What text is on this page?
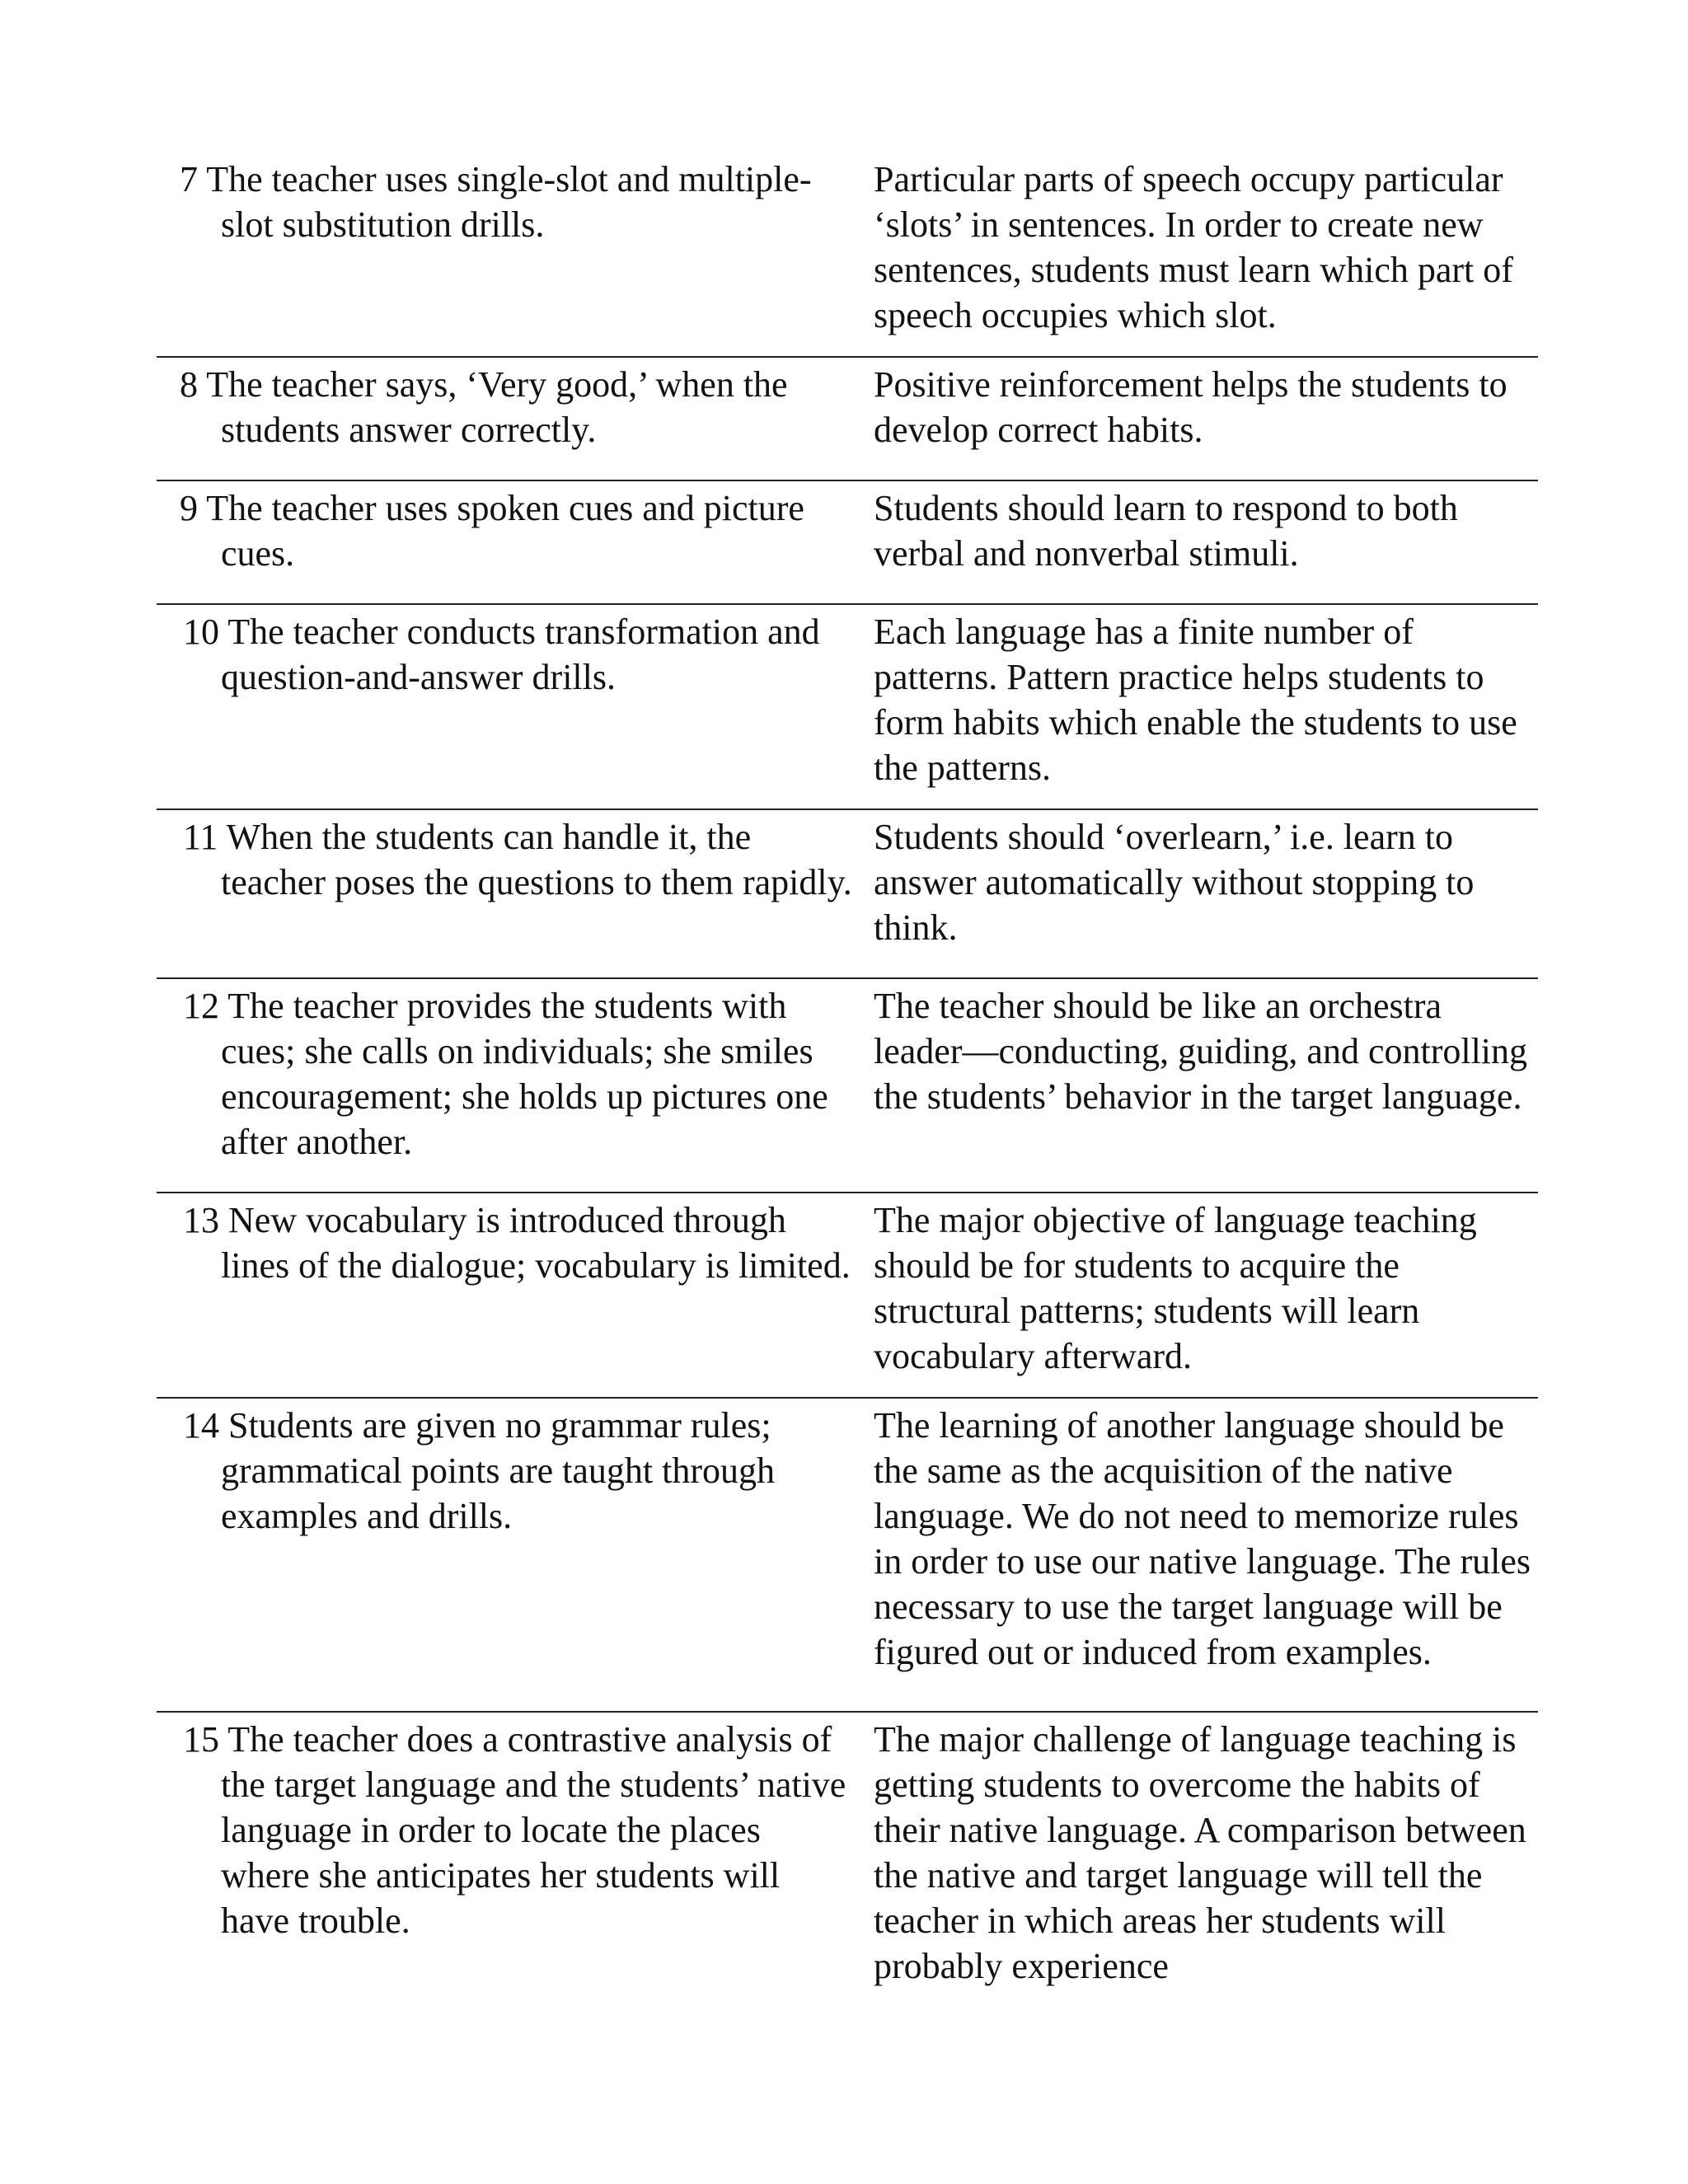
7 The teacher uses single-slot and multiple-slot substitution drills.	Particular parts of speech occupy particular ‘slots’ in sentences. In order to create new sentences, students must learn which part of speech occupies which slot.

8 The teacher says, ‘Very good,’ when the students answer correctly.	Positive reinforcement helps the students to develop correct habits.

9 The teacher uses spoken cues and picture cues.	Students should learn to respond to both verbal and nonverbal stimuli.

10 The teacher conducts transformation and question-and-answer drills.	Each language has a finite number of patterns. Pattern practice helps students to form habits which enable the students to use the patterns.

11 When the students can handle it, the teacher poses the questions to them rapidly.	Students should ‘overlearn,’ i.e. learn to answer automatically without stopping to think.

12 The teacher provides the students with cues; she calls on individuals; she smiles encouragement; she holds up pictures one after another.	The teacher should be like an orchestra leader—conducting, guiding, and controlling the students’ behavior in the target language.

13 New vocabulary is introduced through lines of the dialogue; vocabulary is limited.	The major objective of language teaching should be for students to acquire the structural patterns; students will learn vocabulary afterward.

14 Students are given no grammar rules; grammatical points are taught through examples and drills.	The learning of another language should be the same as the acquisition of the native language. We do not need to memorize rules in order to use our native language. The rules necessary to use the target language will be figured out or induced from examples.

15 The teacher does a contrastive analysis of the target language and the students’ native language in order to locate the places where she anticipates her students will have trouble.	The major challenge of language teaching is getting students to overcome the habits of their native language. A comparison between the native and target language will tell the teacher in which areas her students will probably experience
